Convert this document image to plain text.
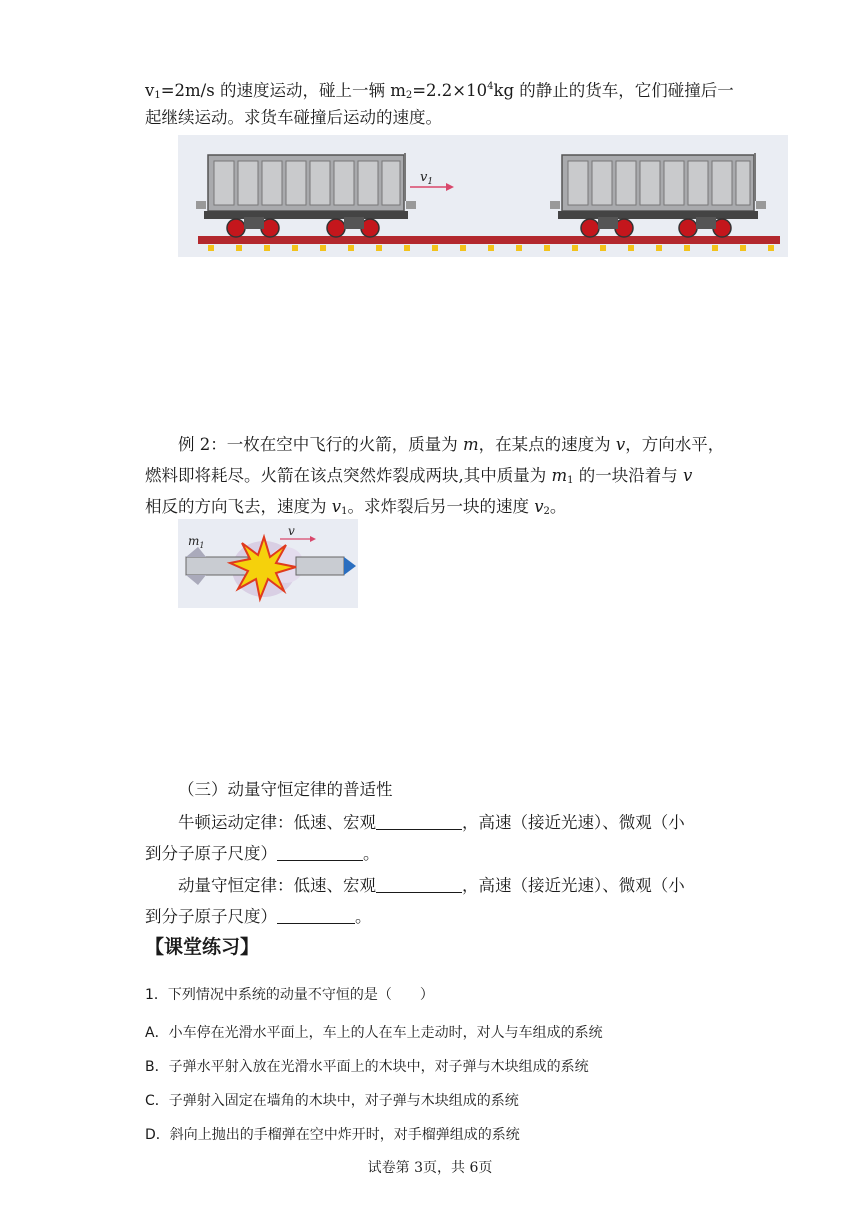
$v_1=2m/s$ 的速度运动，碰上一辆 $m_2=2.2\times 10^4kg$ 的静止的货车，它们碰撞后一
起继续运动。求货车碰撞后运动的速度。
$v_1$
例 2：一枚在空中飞行的火箭，质量为 m，在某点的速度为 v，方向水平，
燃料即将耗尽。火箭在该点突然炸裂成两块,其中质量为 $m_1$ 的一块沿着与 v
相反的方向飞去，速度为 $v_1$。求炸裂后另一块的速度 $v_2$。
$m_1$
v
（三）动量守恒定律的普适性
牛顿运动定律：低速、宏观	，高速（接近光速）、微观（小
到分子原子尺度）	。
动量守恒定律：低速、宏观	，高速（接近光速）、微观（小
到分子原子尺度）	。
【课堂练习】
1．下列情况中系统的动量不守恒的是（　　）
A．小车停在光滑水平面上，车上的人在车上走动时，对人与车组成的系统
B．子弹水平射入放在光滑水平面上的木块中，对子弹与木块组成的系统
C．子弹射入固定在墙角的木块中，对子弹与木块组成的系统
D．斜向上抛出的手榴弹在空中炸开时，对手榴弹组成的系统
试卷第 3页，共 6页
